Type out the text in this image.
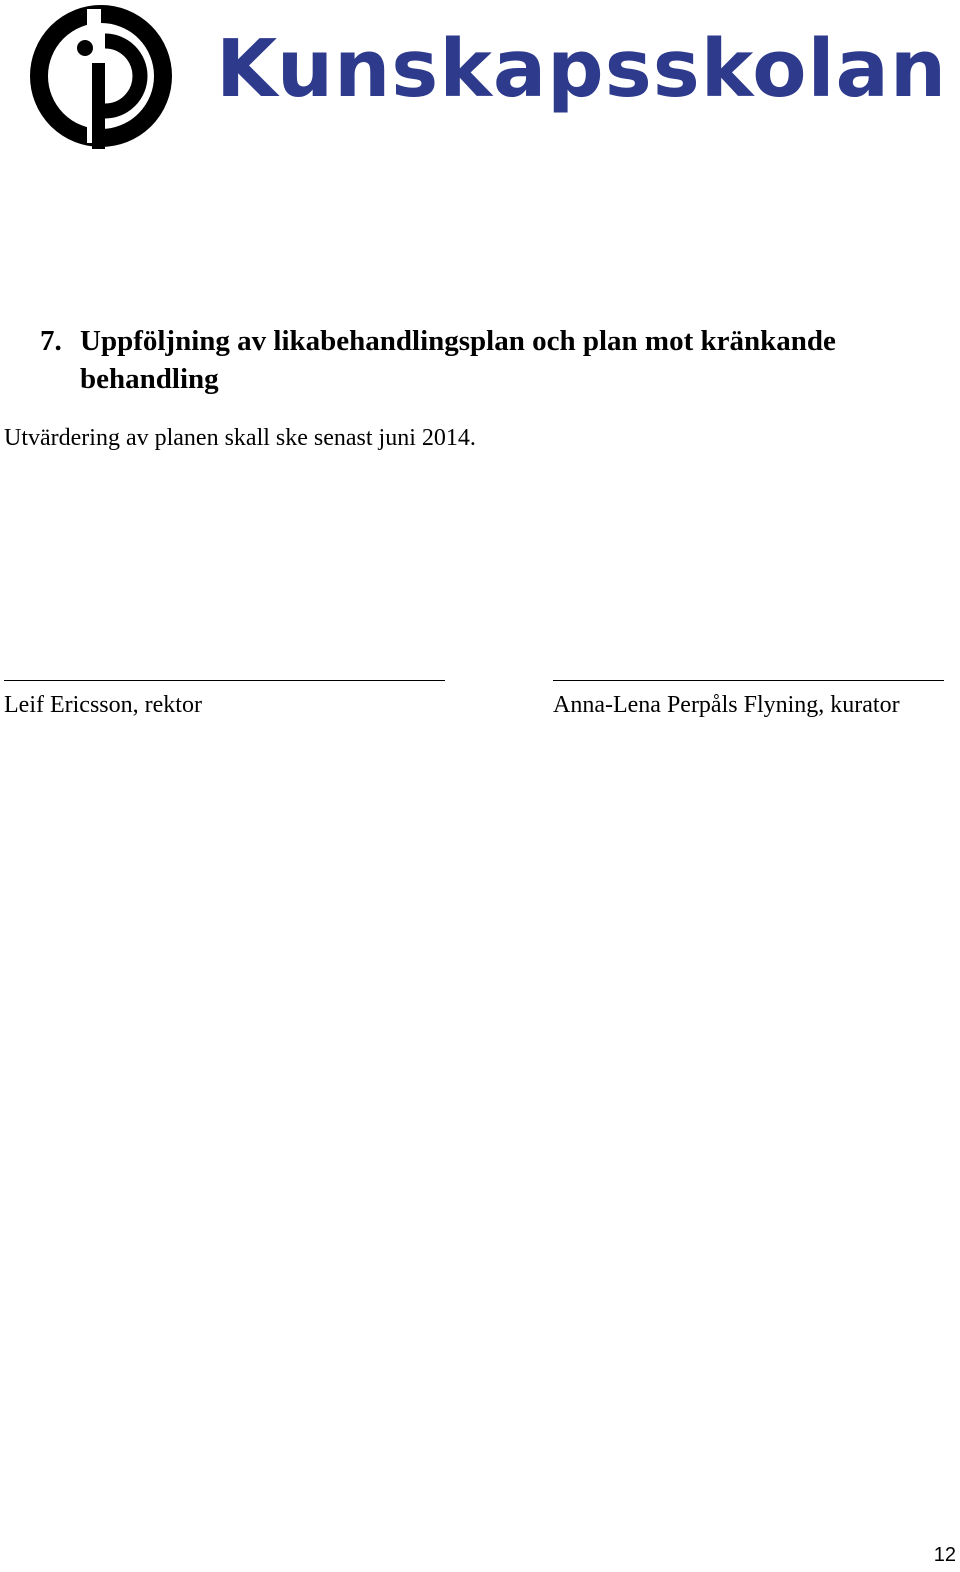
Kunskapsskolan
7. Uppföljning av likabehandlingsplan och plan mot kränkande behandling
Utvärdering av planen skall ske senast juni 2014.
Leif Ericsson, rektor	Anna-Lena Perpåls Flyning, kurator
12
